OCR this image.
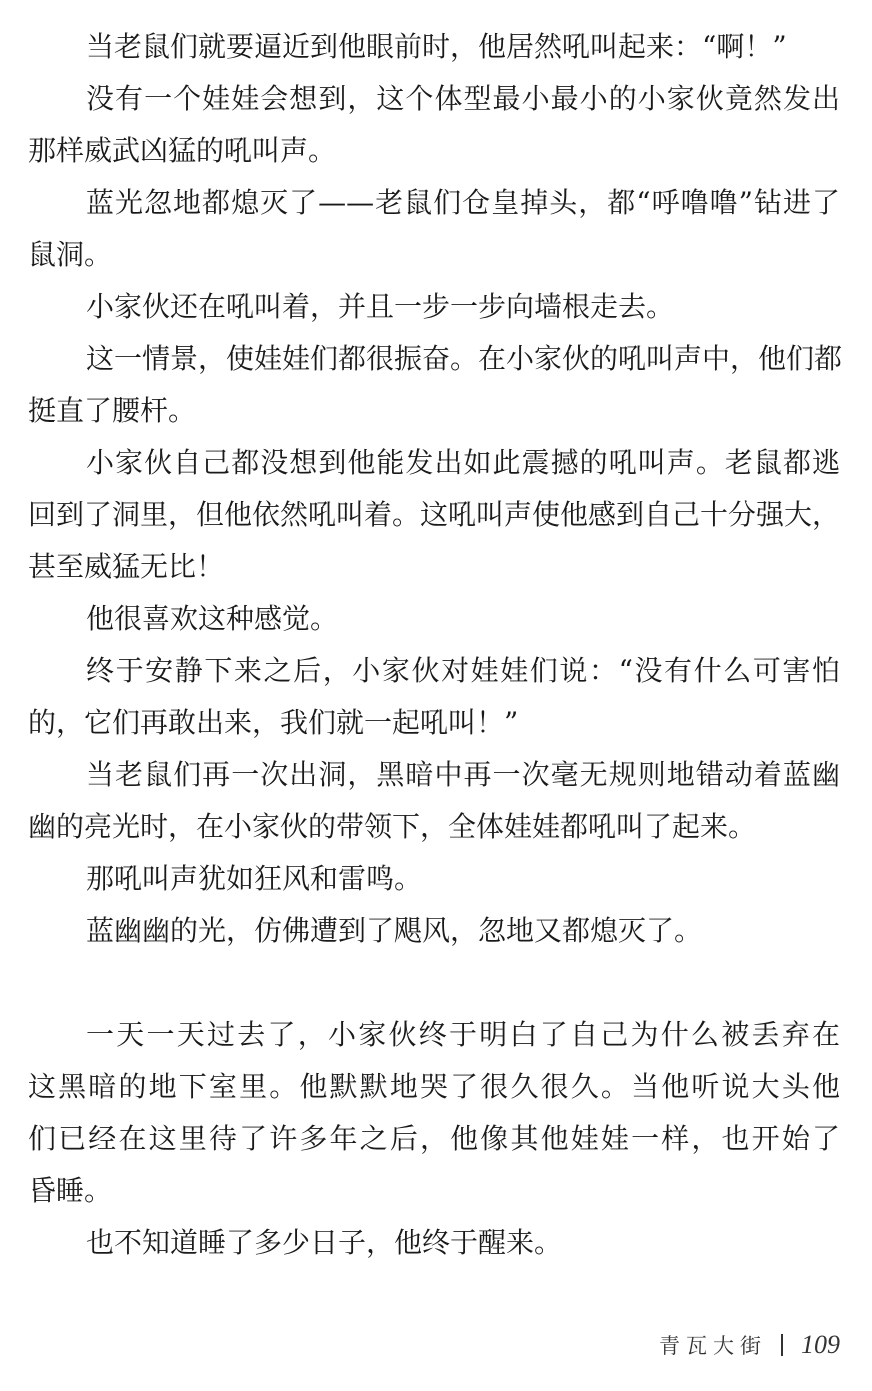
当老鼠们就要逼近到他眼前时，他居然吼叫起来：“啊！”
没有一个娃娃会想到，这个体型最小最小的小家伙竟然发出
那样威武凶猛的吼叫声。
蓝光忽地都熄灭了——老鼠们仓皇掉头，都“呼噜噜”钻进了
鼠洞。
小家伙还在吼叫着，并且一步一步向墙根走去。
这一情景，使娃娃们都很振奋。在小家伙的吼叫声中，他们都
挺直了腰杆。
小家伙自己都没想到他能发出如此震撼的吼叫声。老鼠都逃
回到了洞里，但他依然吼叫着。这吼叫声使他感到自己十分强大，
甚至威猛无比！
他很喜欢这种感觉。
终于安静下来之后，小家伙对娃娃们说：“没有什么可害怕
的，它们再敢出来，我们就一起吼叫！”
当老鼠们再一次出洞，黑暗中再一次毫无规则地错动着蓝幽
幽的亮光时，在小家伙的带领下，全体娃娃都吼叫了起来。
那吼叫声犹如狂风和雷鸣。
蓝幽幽的光，仿佛遭到了飓风，忽地又都熄灭了。
一天一天过去了，小家伙终于明白了自己为什么被丢弃在
这黑暗的地下室里。他默默地哭了很久很久。当他听说大头他
们已经在这里待了许多年之后，他像其他娃娃一样，也开始了
昏睡。
也不知道睡了多少日子，他终于醒来。
青瓦大街 109
